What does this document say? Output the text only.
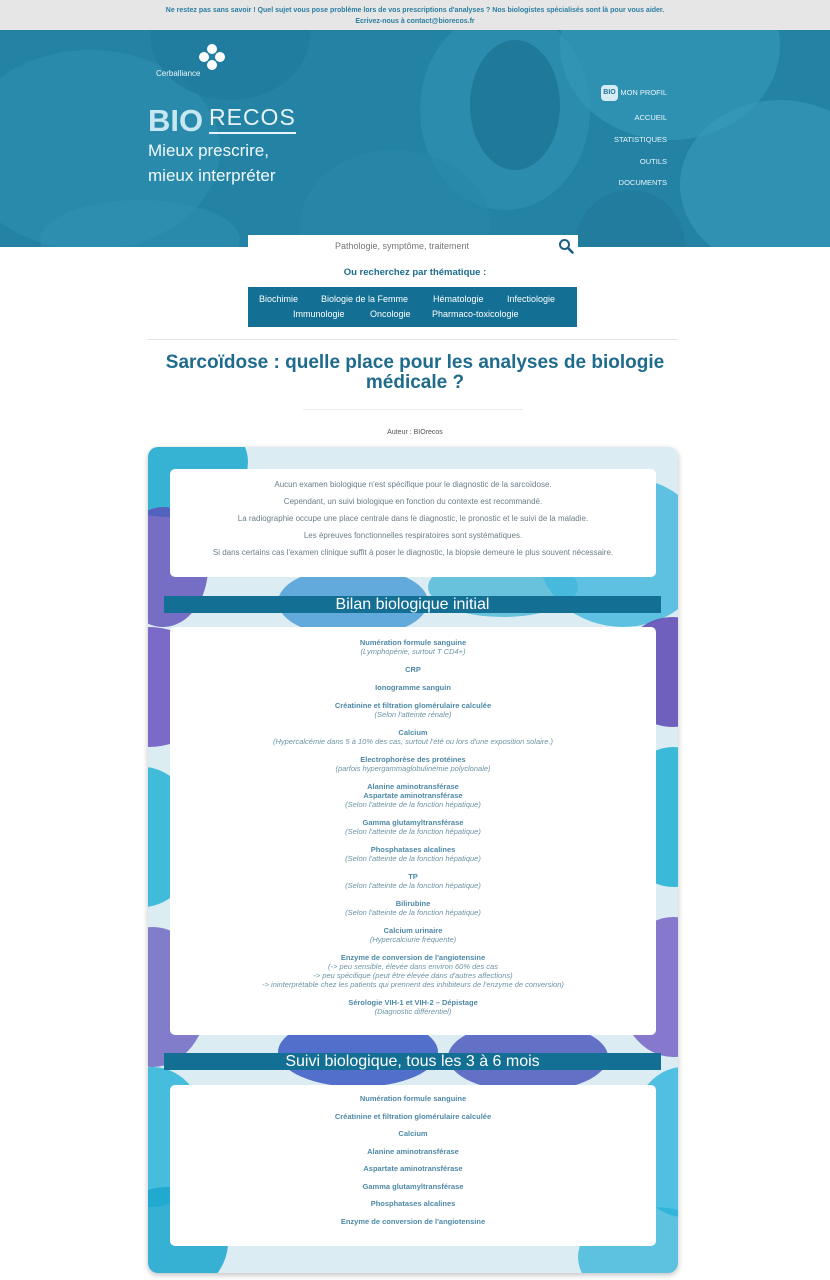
Ne restez pas sans savoir ! Quel sujet vous pose problème lors de vos prescriptions d'analyses ? Nos biologistes spécialisés sont là pour vous aider.
Ecrivez-nous à contact@biorecos.fr
Cerballiance
BIO RECOS
Mieux prescrire,
mieux interpréter
BIO MON PROFIL
ACCUEIL
STATISTIQUES
OUTILS
DOCUMENTS
Pathologie, symptôme, traitement
Ou recherchez par thématique :
Biochimie	Biologie de la Femme	Hématologie	Infectiologie
Immunologie	Oncologie Pharmaco-toxicologie
Sarcoïdose : quelle place pour les analyses de biologie
médicale ?
Auteur : BIOrecos

Aucun examen biologique n'est spécifique pour le diagnostic de la sarcoïdose.

Cependant, un suivi biologique en fonction du contexte est recommandé.

La radiographie occupe une place centrale dans le diagnostic, le pronostic et le suivi de la maladie.

Les épreuves fonctionnelles respiratoires sont systématiques.

Si dans certains cas l'examen clinique suffit à poser le diagnostic, la biopsie demeure le plus souvent nécessaire.

Bilan biologique initial
Numération formule sanguine
(Lymphopénie, surtout T CD4+)
CRP
Ionogramme sanguin
Créatinine et filtration glomérulaire calculée
(Selon l'atteinte rénale)
Calcium
(Hypercalcémie dans 5 à 10% des cas, surtout l'été ou lors d'une exposition solaire.)
Electrophorèse des protéines
(parfois hypergammaglobulinémie polyclonale)
Alanine aminotransférase
Aspartate aminotransférase
(Selon l'atteinte de la fonction hépatique)
Gamma glutamyltransférase
(Selon l'atteinte de la fonction hépatique)
Phosphatases alcalines
(Selon l'atteinte de la fonction hépatique)
TP
(Selon l'atteinte de la fonction hépatique)
Bilirubine
(Selon l'atteinte de la fonction hépatique)
Calcium urinaire
(Hypercalciurie fréquente)
Enzyme de conversion de l'angiotensine
(-> peu sensible, élevée dans environ 60% des cas
-> peu spécifique (peut être élevée dans d'autres affections)
-> ininterprétable chez les patients qui prennent des inhibiteurs de l'enzyme de conversion)
Sérologie VIH-1 et VIH-2 – Dépistage
(Diagnostic différentiel)
Suivi biologique, tous les 3 à 6 mois
Numération formule sanguine
Créatinine et filtration glomérulaire calculée
Calcium
Alanine aminotransférase
Aspartate aminotransférase
Gamma glutamyltransférase
Phosphatases alcalines
Enzyme de conversion de l'angiotensine
